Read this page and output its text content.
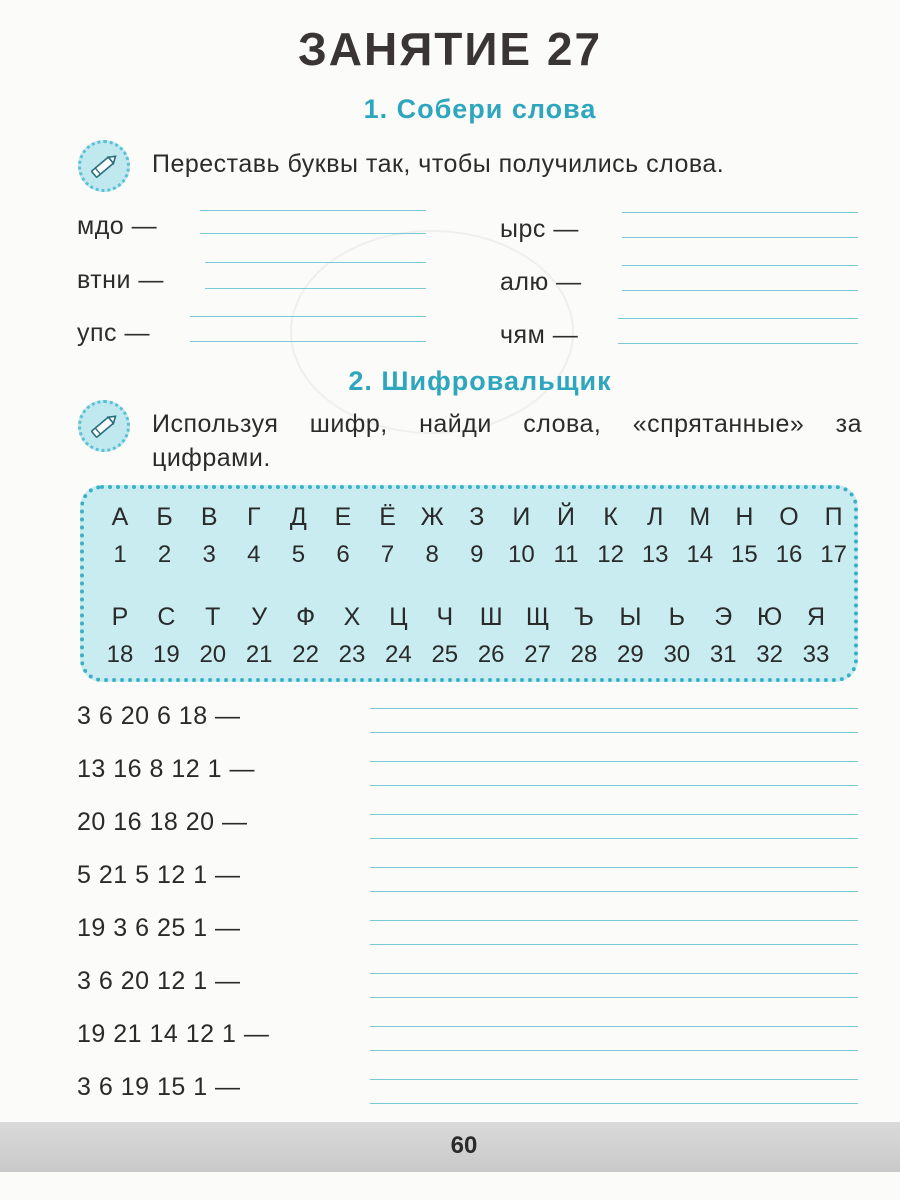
ЗАНЯТИЕ 27
1. Собери слова
Переставь буквы так, чтобы получились слова.
мдо —
втни —
упс —
ырс —
алю —
чям —
2. Шифровальщик
Используя шифр, найди слова, «спрятанные» за
цифрами.
А	Б	В	Г	Д	Е	Ё Ж	З	И	Й	К	Л	М	Н	О	П
1	2	3	4	5	6	7	8	9	10 11 12 13 14 15 16 17
Р	С	Т	У	Ф	Х	Ц	Ч	Ш Щ Ъ	Ы	Ь	Э Ю Я
18 19 20 21 22 23 24 25 26 27 28 29 30 31 32 33
3 6 20 6 18 —
13 16 8 12 1 —
20 16 18 20 —
5 21 5 12 1 —
19 3 6 25 1 —
3 6 20 12 1 —
19 21 14 12 1 —
3 6 19 15 1 —
60
